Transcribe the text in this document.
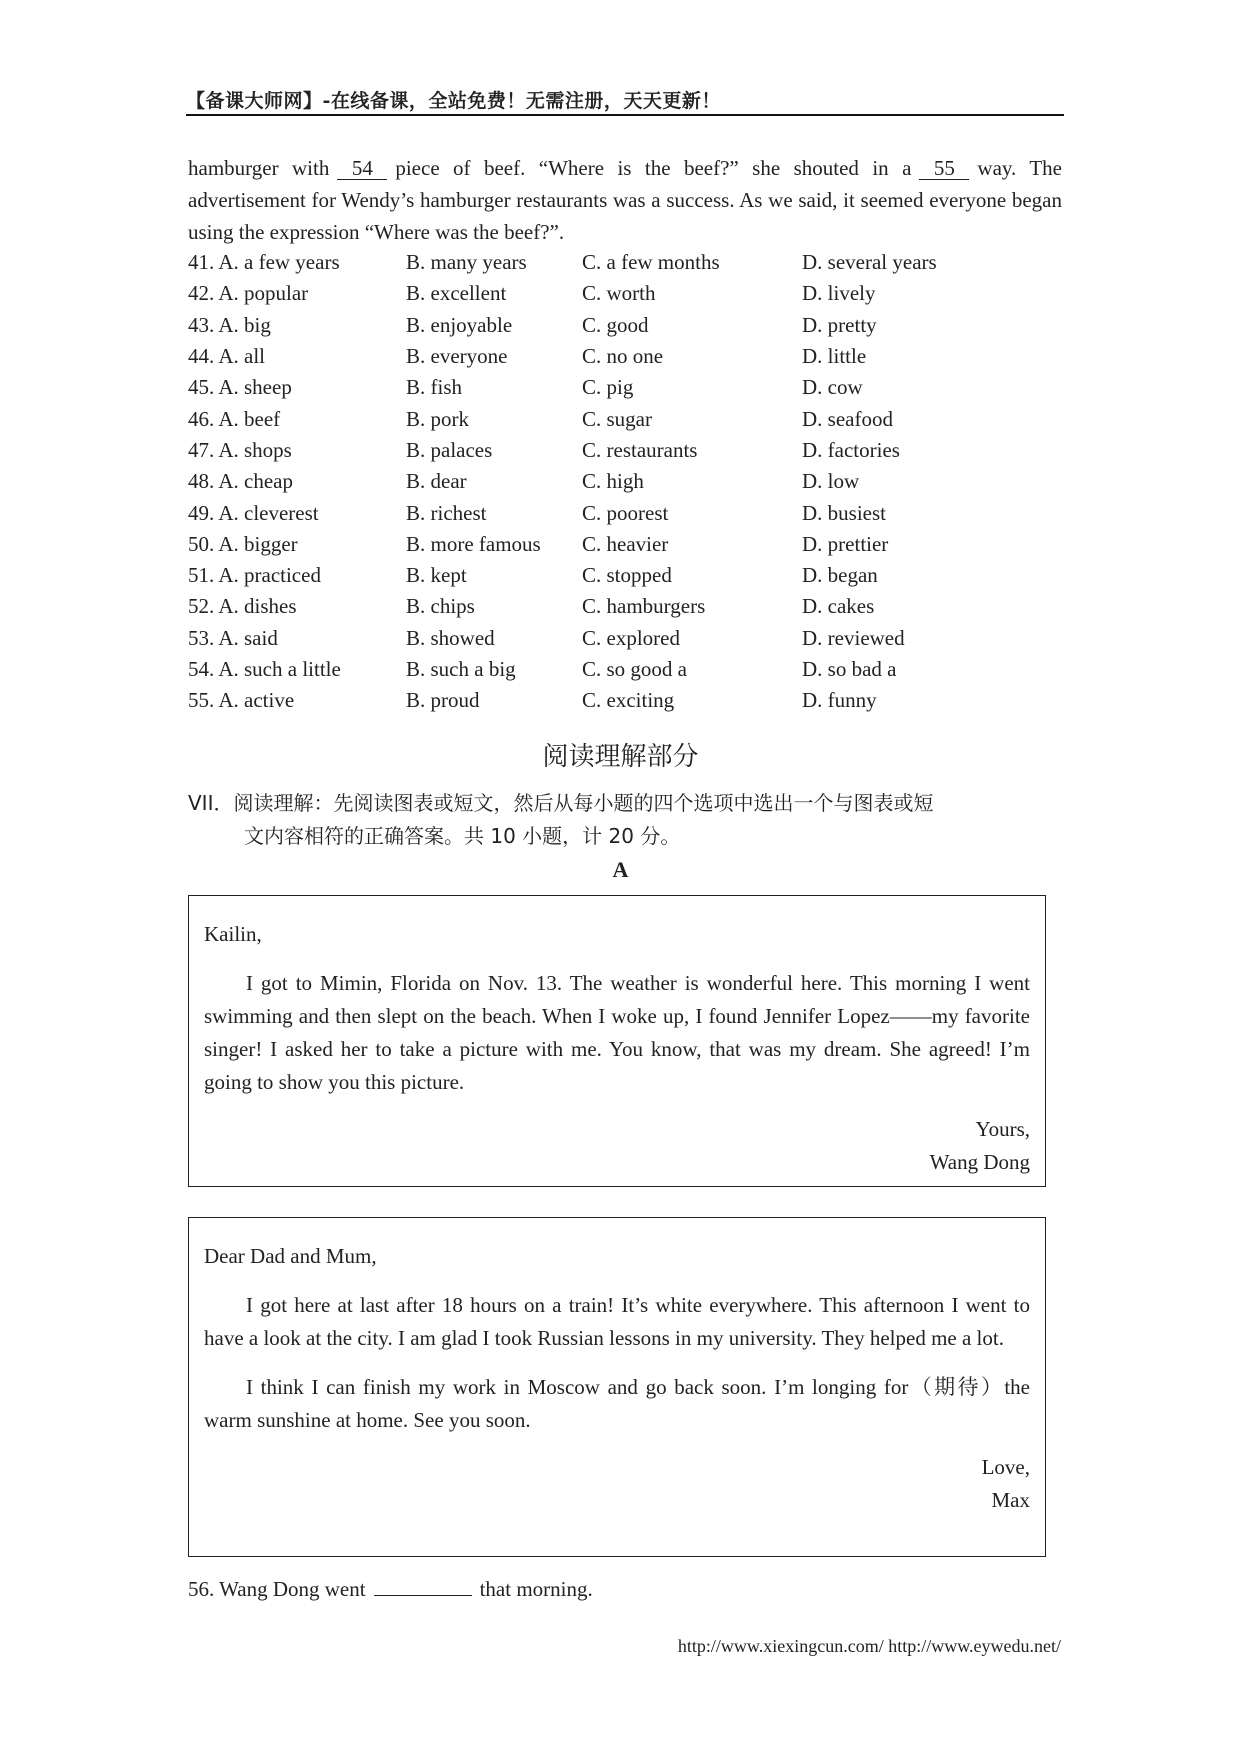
【备课大师网】-在线备课，全站免费！无需注册，天天更新！
hamburger with 54 piece of beef. “Where is the beef?” she shouted in a 55 way. The advertisement for Wendy’s hamburger restaurants was a success. As we said, it seemed everyone began using the expression “Where was the beef?”.
41. A. a few years	B. many years	C. a few months	D. several years
42. A. popular	B. excellent	C. worth	D. lively
43. A. big	B. enjoyable	C. good	D. pretty
44. A. all	B. everyone	C. no one	D. little
45. A. sheep	B. fish	C. pig	D. cow
46. A. beef	B. pork	C. sugar	D. seafood
47. A. shops	B. palaces	C. restaurants	D. factories
48. A. cheap	B. dear	C. high	D. low
49. A. cleverest	B. richest	C. poorest	D. busiest
50. A. bigger	B. more famous	C. heavier	D. prettier
51. A. practiced	B. kept	C. stopped	D. began
52. A. dishes	B. chips	C. hamburgers	D. cakes
53. A. said	B. showed	C. explored	D. reviewed
54. A. such a little	B. such a big	C. so good a	D. so bad a
55. A. active	B. proud	C. exciting	D. funny
阅读理解部分
VII．阅读理解：先阅读图表或短文，然后从每小题的四个选项中选出一个与图表或短
文内容相符的正确答案。共 10 小题，计 20 分。
A

Kailin,

I got to Mimin, Florida on Nov. 13. The weather is wonderful here. This morning I went swimming and then slept on the beach. When I woke up, I found Jennifer Lopez——my favorite singer! I asked her to take a picture with me. You know, that was my dream. She agreed! I’m going to show you this picture.

Yours,

Wang Dong

Dear Dad and Mum,

I got here at last after 18 hours on a train! It’s white everywhere. This afternoon I went to have a look at the city. I am glad I took Russian lessons in my university. They helped me a lot.

I think I can finish my work in Moscow and go back soon. I’m longing for（期待）the warm sunshine at home. See you soon.

Love,

Max

56. Wang Dong went	that morning.
http://www.xiexingcun.com/ http://www.eywedu.net/
